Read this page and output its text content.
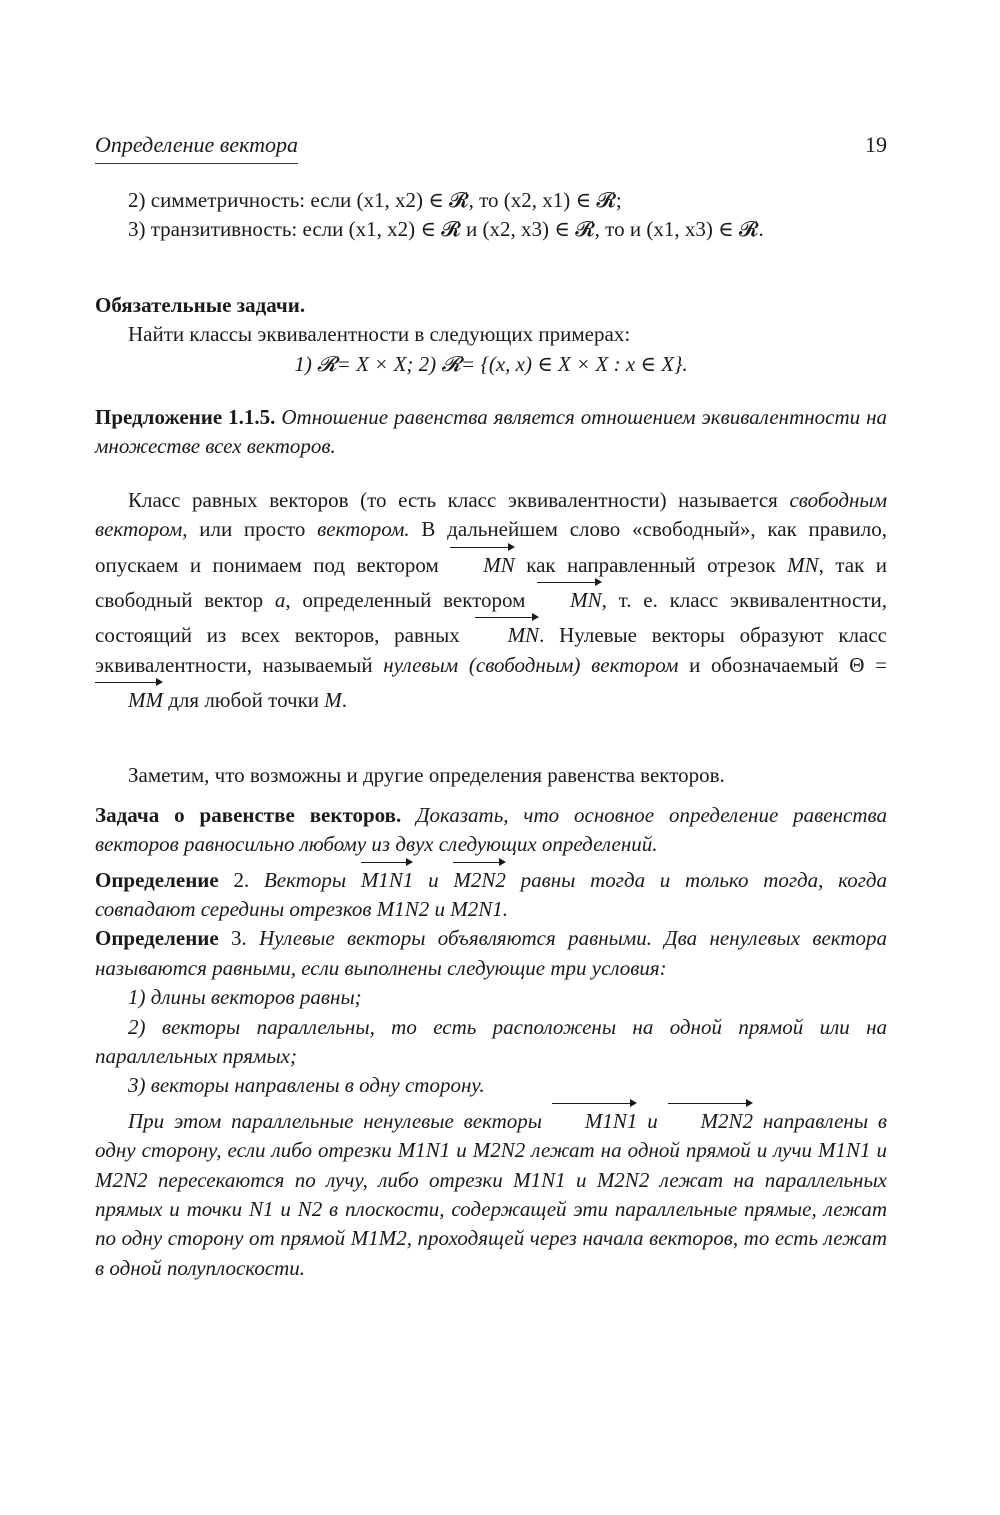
Определение вектора	19

2) симметричность: если (x1, x2) ∈ 𝓡, то (x2, x1) ∈ 𝓡;

3) транзитивность: если (x1, x2) ∈ 𝓡 и (x2, x3) ∈ 𝓡, то и (x1, x3) ∈ 𝓡.

Обязательные задачи.

Найти классы эквивалентности в следующих примерах:

1) 𝓡= X × X; 2) 𝓡= {(x, x) ∈ X × X : x ∈ X}.

Предложение 1.1.5. Отношение равенства является отношением эквивалентности на множестве всех векторов.

Класс равных векторов (то есть класс эквивалентности) называется свободным вектором, или просто вектором. В дальнейшем слово «свободный», как правило, опускаем и понимаем под вектором MN как направленный отрезок MN, так и свободный вектор a, определенный вектором MN, т. е. класс эквивалентности, состоящий из всех векторов, равных MN. Нулевые векторы образуют класс эквивалентности, называемый нулевым (свободным) вектором и обозначаемый Θ = MM для любой точки M.

Заметим, что возможны и другие определения равенства векторов.

Задача о равенстве векторов. Доказать, что основное определение равенства векторов равносильно любому из двух следующих определений.

Определение 2. Векторы M1N1 и M2N2 равны тогда и только тогда, когда совпадают середины отрезков M1N2 и M2N1.

Определение 3. Нулевые векторы объявляются равными. Два ненулевых вектора называются равными, если выполнены следующие три условия:

1) длины векторов равны;

2) векторы параллельны, то есть расположены на одной прямой или на параллельных прямых;

3) векторы направлены в одну сторону.

При этом параллельные ненулевые векторы M1N1 и M2N2 направлены в одну сторону, если либо отрезки M1N1 и M2N2 лежат на одной прямой и лучи M1N1 и M2N2 пересекаются по лучу, либо отрезки M1N1 и M2N2 лежат на параллельных прямых и точки N1 и N2 в плоскости, содержащей эти параллельные прямые, лежат по одну сторону от прямой M1M2, проходящей через начала векторов, то есть лежат в одной полуплоскости.
